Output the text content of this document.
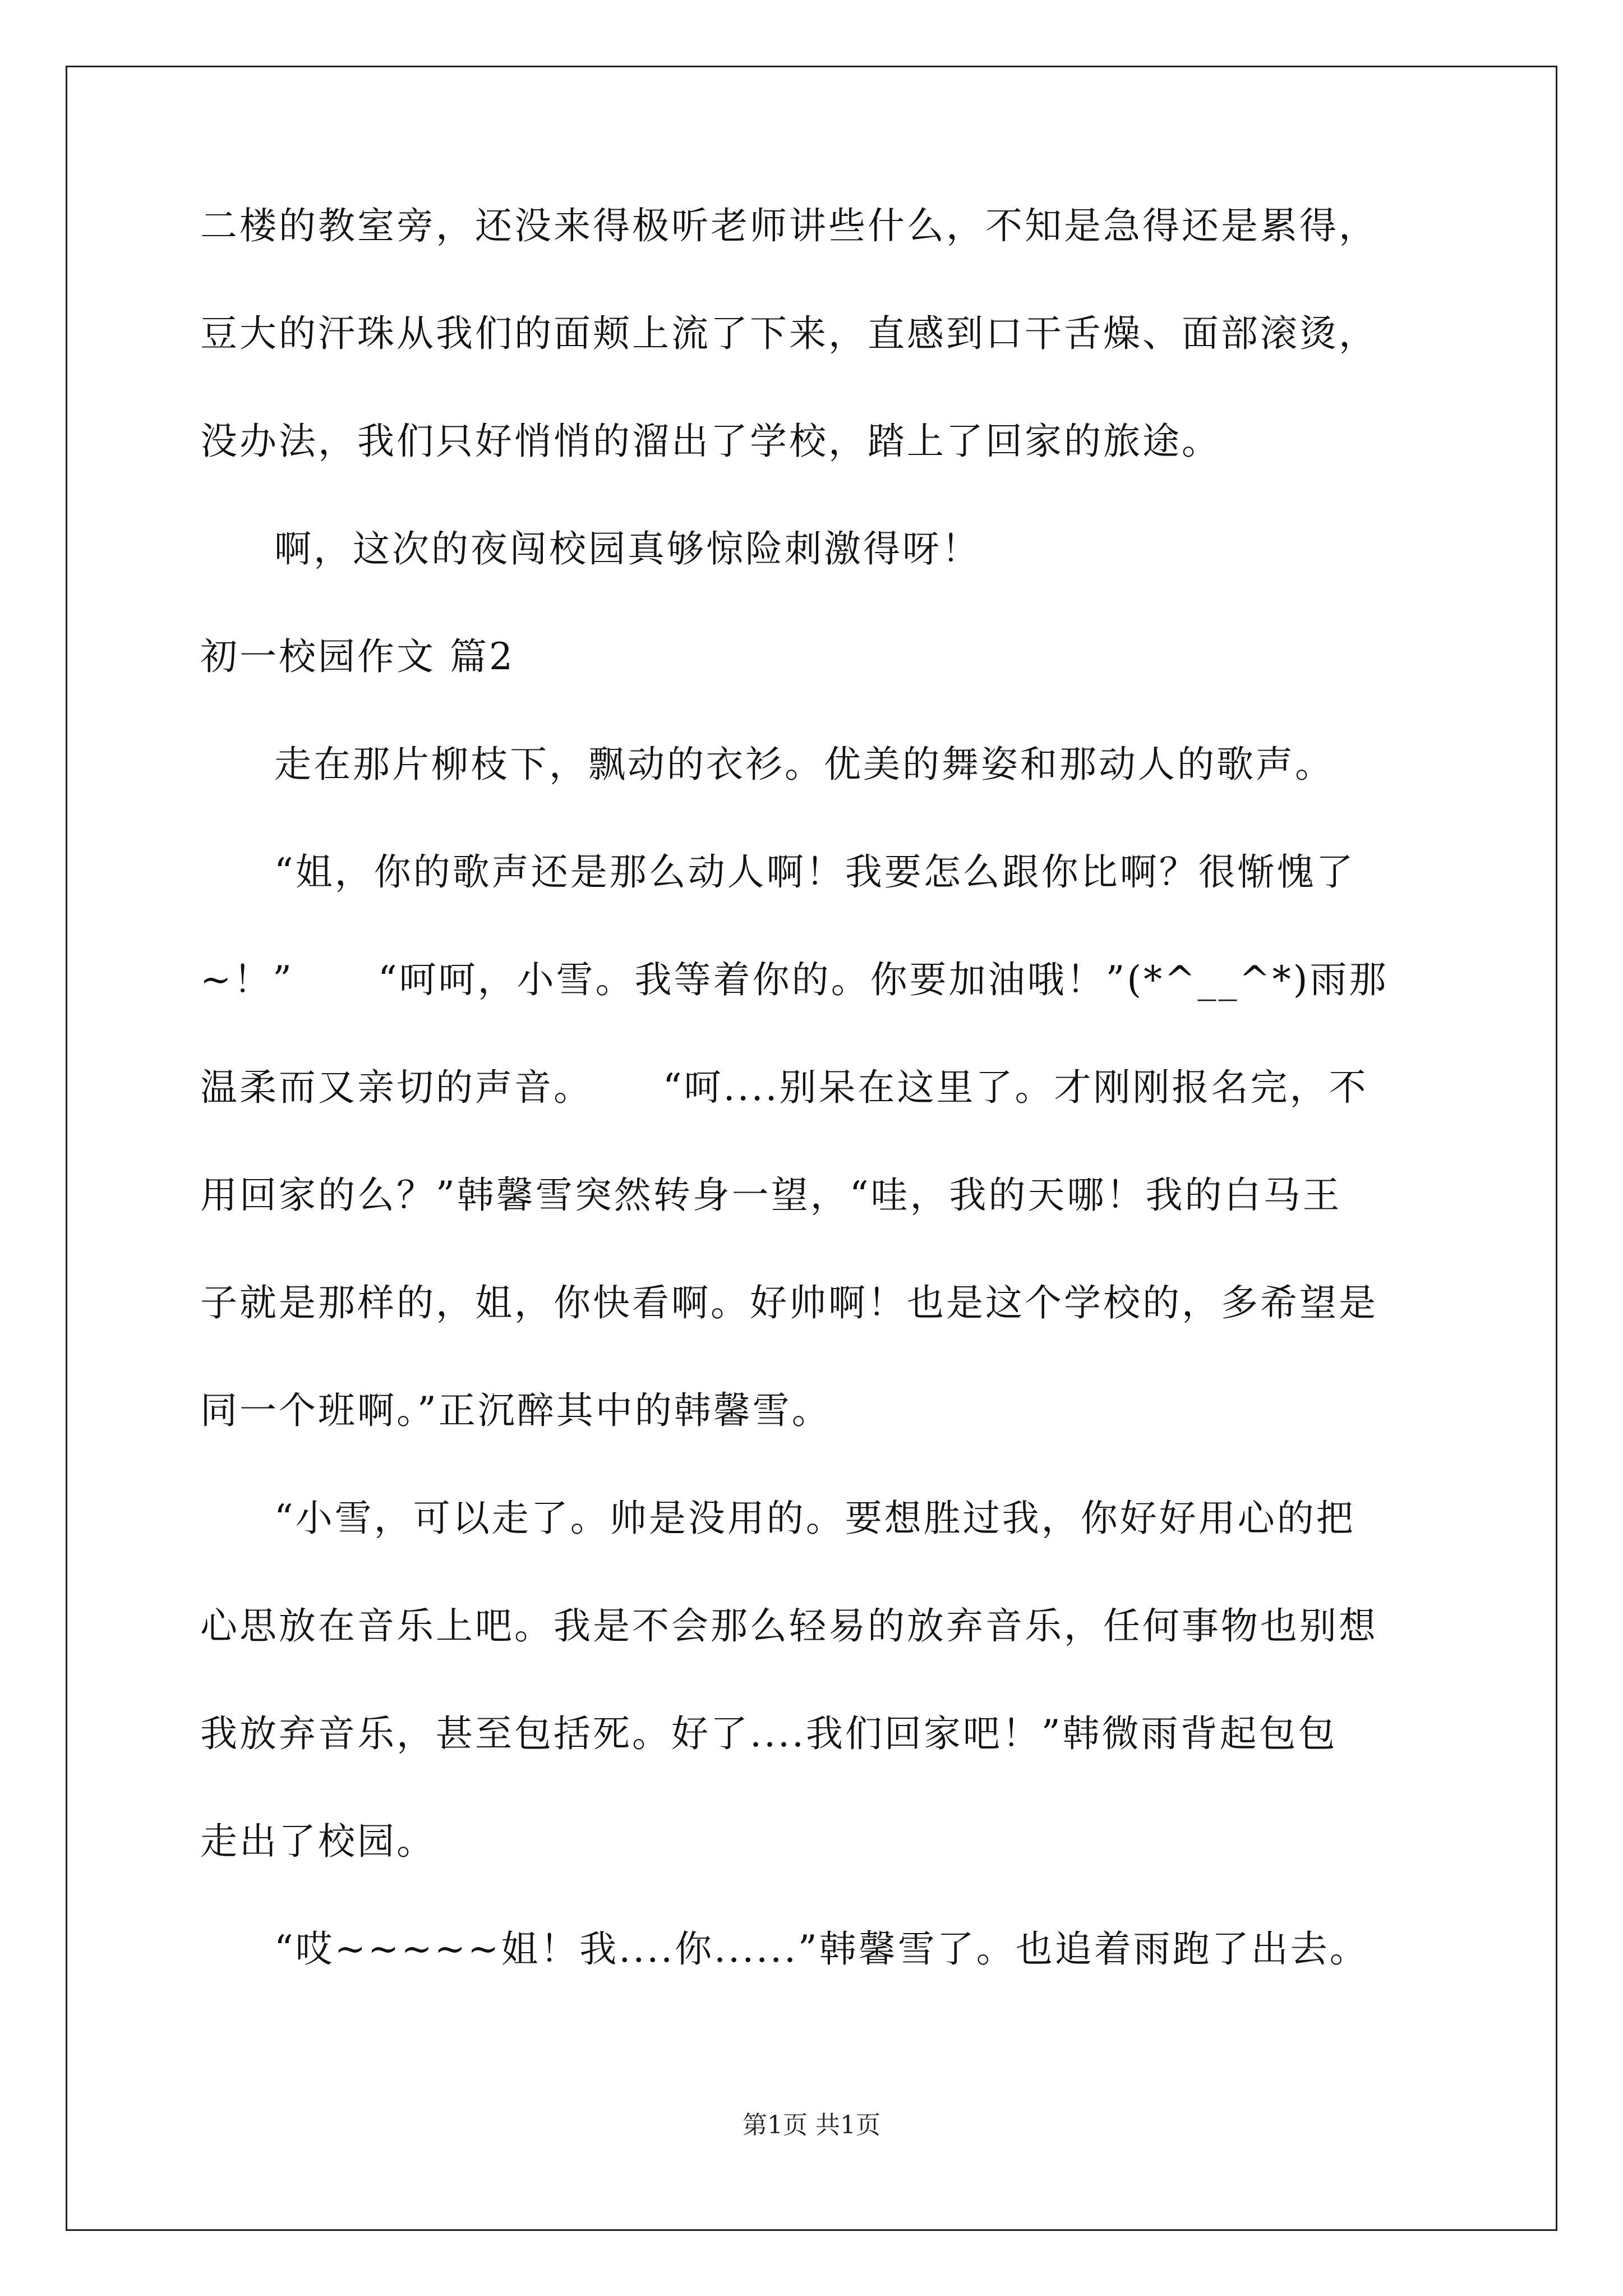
二楼的教室旁，还没来得极听老师讲些什么，不知是急得还是累得，
豆大的汗珠从我们的面颊上流了下来，直感到口干舌燥、面部滚烫，
没办法，我们只好悄悄的溜出了学校，踏上了回家的旅途。
啊，这次的夜闯校园真够惊险刺激得呀！
初一校园作文 篇2
走在那片柳枝下，飘动的衣衫。优美的舞姿和那动人的歌声。
“姐，你的歌声还是那么动人啊！我要怎么跟你比啊？很惭愧了
~！”      “呵呵，小雪。我等着你的。你要加油哦！”(*^__^*)雨那
温柔而又亲切的声音。     “呵....别呆在这里了。才刚刚报名完，不
用回家的么？”韩馨雪突然转身一望，“哇，我的天哪！我的白马王
子就是那样的，姐，你快看啊。好帅啊！也是这个学校的，多希望是
同一个班啊。”正沉醉其中的韩馨雪。
“小雪，可以走了。帅是没用的。要想胜过我，你好好用心的把
心思放在音乐上吧。我是不会那么轻易的放弃音乐，任何事物也别想
我放弃音乐，甚至包括死。好了....我们回家吧！”韩微雨背起包包
走出了校园。
“哎~~~~~姐！我....你......”韩馨雪了。也追着雨跑了出去。
第1页 共1页
